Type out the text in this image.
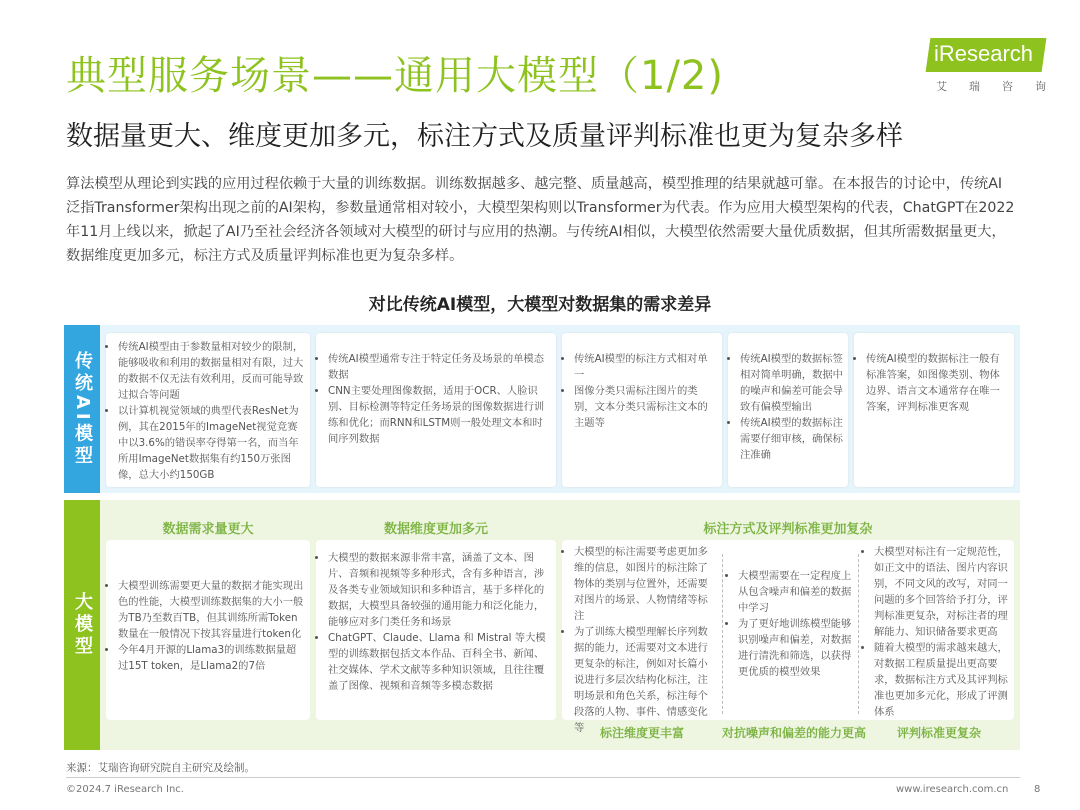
典型服务场景——通用大模型（1/2)
数据量更大、维度更加多元，标注方式及质量评判标准也更为复杂多样
iResearch
艾瑞咨询
算法模型从理论到实践的应用过程依赖于大量的训练数据。训练数据越多、越完整、质量越高，模型推理的结果就越可靠。在本报告的讨论中，传统AI泛指Transformer架构出现之前的AI架构，参数量通常相对较小，大模型架构则以Transformer为代表。作为应用大模型架构的代表，ChatGPT在2022年11月上线以来，掀起了AI乃至社会经济各领域对大模型的研讨与应用的热潮。与传统AI相似，大模型依然需要大量优质数据，但其所需数据量更大，数据维度更加多元，标注方式及质量评判标准也更为复杂多样。
对比传统AI模型，大模型对数据集的需求差异
传统AI模型
• 传统AI模型由于参数量相对较少的限制，能够吸收和利用的数据量相对有限，过大的数据不仅无法有效利用，反而可能导致过拟合等问题
• 以计算机视觉领域的典型代表ResNet为例，其在2015年的ImageNet视觉竞赛中以3.6%的错误率夺得第一名，而当年所用ImageNet数据集有约150万张图像，总大小约150GB
• 传统AI模型通常专注于特定任务及场景的单模态数据
• CNN主要处理图像数据，适用于OCR、人脸识别、目标检测等特定任务场景的图像数据进行训练和优化；而RNN和LSTM则一般处理文本和时间序列数据
• 传统AI模型的标注方式相对单一
• 图像分类只需标注图片的类别，文本分类只需标注文本的主题等
• 传统AI模型的数据标签相对简单明确，数据中的噪声和偏差可能会导致有偏模型输出
• 传统AI模型的数据标注需要仔细审核，确保标注准确
• 传统AI模型的数据标注一般有标准答案，如图像类别、物体边界、语言文本通常存在唯一答案，评判标准更客观
大模型
数据需求量更大	数据维度更加多元	标注方式及评判标准更加复杂
• 大模型训练需要更大量的数据才能实现出色的性能，大模型训练数据集的大小一般为TB乃至数百TB，但其训练所需Token数量在一般情况下按其容量进行token化
• 今年4月开源的Llama3的训练数据量超过15T token，是Llama2的7倍
• 大模型的数据来源非常丰富，涵盖了文本、图片、音频和视频等多种形式，含有多种语言，涉及各类专业领域知识和多种语言，基于多样化的数据，大模型具备较强的通用能力和泛化能力，能够应对多门类任务和场景
• ChatGPT、Claude、Llama 和 Mistral 等大模型的训练数据包括文本作品、百科全书、新闻、社交媒体、学术文献等多种知识领域，且往往覆盖了图像、视频和音频等多模态数据
• 大模型的标注需要考虑更加多维的信息，如图片的标注除了物体的类别与位置外，还需要对图片的场景、人物情绪等标注
• 为了训练大模型理解长序列数据的能力，还需要对文本进行更复杂的标注，例如对长篇小说进行多层次结构化标注，注明场景和角色关系，标注每个段落的人物、事件、情感变化等
• 大模型需要在一定程度上从包含噪声和偏差的数据中学习
• 为了更好地训练模型能够识别噪声和偏差，对数据进行清洗和筛选，以获得更优质的模型效果
• 大模型对标注有一定规范性，如正文中的语法、图片内容识别，不同文风的改写，对同一问题的多个回答给予打分，评判标准更复杂，对标注者的理解能力、知识储备要求更高
• 随着大模型的需求越来越大，对数据工程质量提出更高要求，数据标注方式及其评判标准也更加多元化，形成了评测体系
标注维度更丰富	对抗噪声和偏差的能力更高	评判标准更复杂
来源：艾瑞咨询研究院自主研究及绘制。
©2024.7 iResearch Inc.	www.iresearch.com.cn	8
